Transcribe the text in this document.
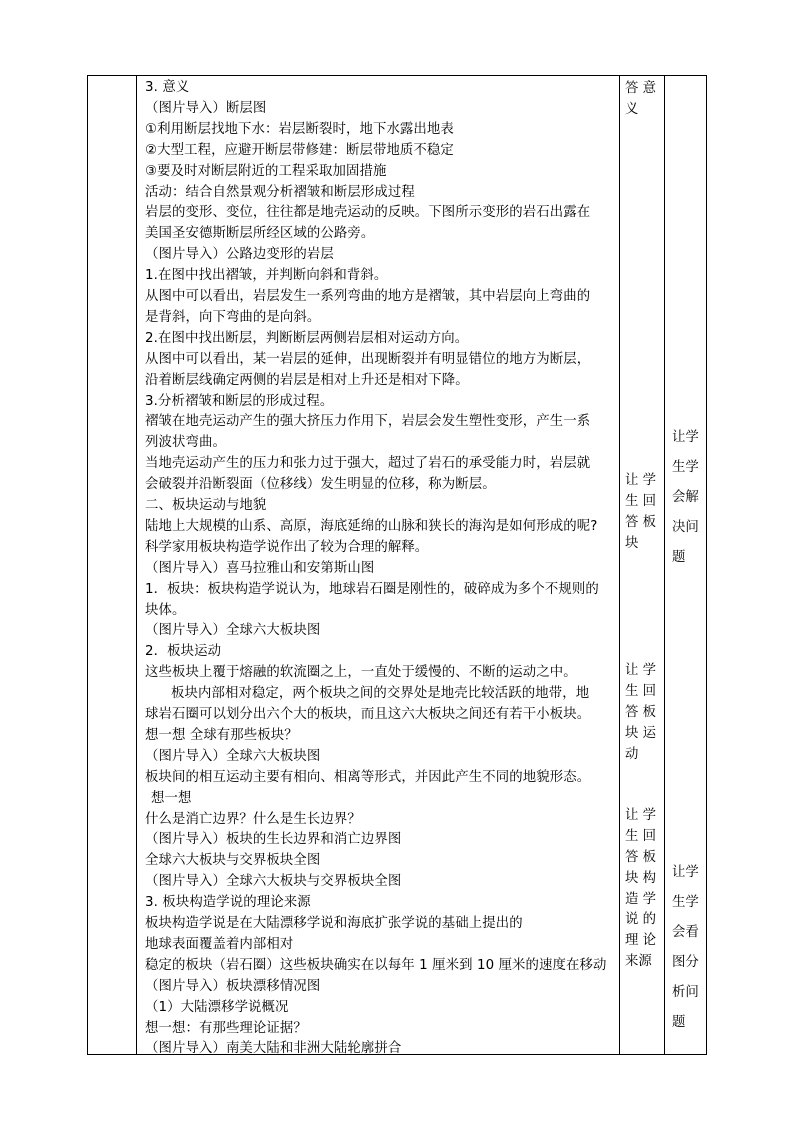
3. 意义
（图片导入）断层图
①利用断层找地下水：岩层断裂时，地下水露出地表
②大型工程，应避开断层带修建：断层带地质不稳定
③要及时对断层附近的工程采取加固措施
活动：结合自然景观分析褶皱和断层形成过程
岩层的变形、变位，往往都是地壳运动的反映。下图所示变形的岩石出露在
美国圣安德斯断层所经区域的公路旁。
（图片导入）公路边变形的岩层
1.在图中找出褶皱，并判断向斜和背斜。
从图中可以看出，岩层发生一系列弯曲的地方是褶皱，其中岩层向上弯曲的
是背斜，向下弯曲的是向斜。
2.在图中找出断层，判断断层两侧岩层相对运动方向。
从图中可以看出，某一岩层的延伸，出现断裂并有明显错位的地方为断层，
沿着断层线确定两侧的岩层是相对上升还是相对下降。
3.分析褶皱和断层的形成过程。
褶皱在地壳运动产生的强大挤压力作用下，岩层会发生塑性变形，产生一系
列波状弯曲。
当地壳运动产生的压力和张力过于强大，超过了岩石的承受能力时，岩层就
会破裂并沿断裂面（位移线）发生明显的位移，称为断层。
二、板块运动与地貌
陆地上大规模的山系、高原，海底延绵的山脉和狭长的海沟是如何形成的呢?
科学家用板块构造学说作出了较为合理的解释。
（图片导入）喜马拉雅山和安第斯山图
1．板块：板块构造学说认为，地球岩石圈是刚性的，破碎成为多个不规则的
块体。
（图片导入）全球六大板块图
2．板块运动
这些板块上覆于熔融的软流圈之上，一直处于缓慢的、不断的运动之中。
板块内部相对稳定，两个板块之间的交界处是地壳比较活跃的地带，地
球岩石圈可以划分出六个大的板块，而且这六大板块之间还有若干小板块。
想一想 全球有那些板块？
（图片导入）全球六大板块图
板块间的相互运动主要有相向、相离等形式，并因此产生不同的地貌形态。
想一想
什么是消亡边界？什么是生长边界？
（图片导入）板块的生长边界和消亡边界图
全球六大板块与交界板块全图
（图片导入）全球六大板块与交界板块全图
3. 板块构造学说的理论来源
板块构造学说是在大陆漂移学说和海底扩张学说的基础上提出的
地球表面覆盖着内部相对
稳定的板块（岩石圈）这些板块确实在以每年 1 厘米到 10 厘米的速度在移动
（图片导入）板块漂移情况图
（1）大陆漂移学说概况
想一想：有那些理论证据？
（图片导入）南美大陆和非洲大陆轮廓拼合
答 意
义
让 学
生 回
答 板
块
让 学
生 回
答 板
块 运
动
让 学
生 回
答 板
块 构
造 学
说 的
理 论
来源
让学
生学
会解
决问
题
让学
生学
会看
图分
析问
题
